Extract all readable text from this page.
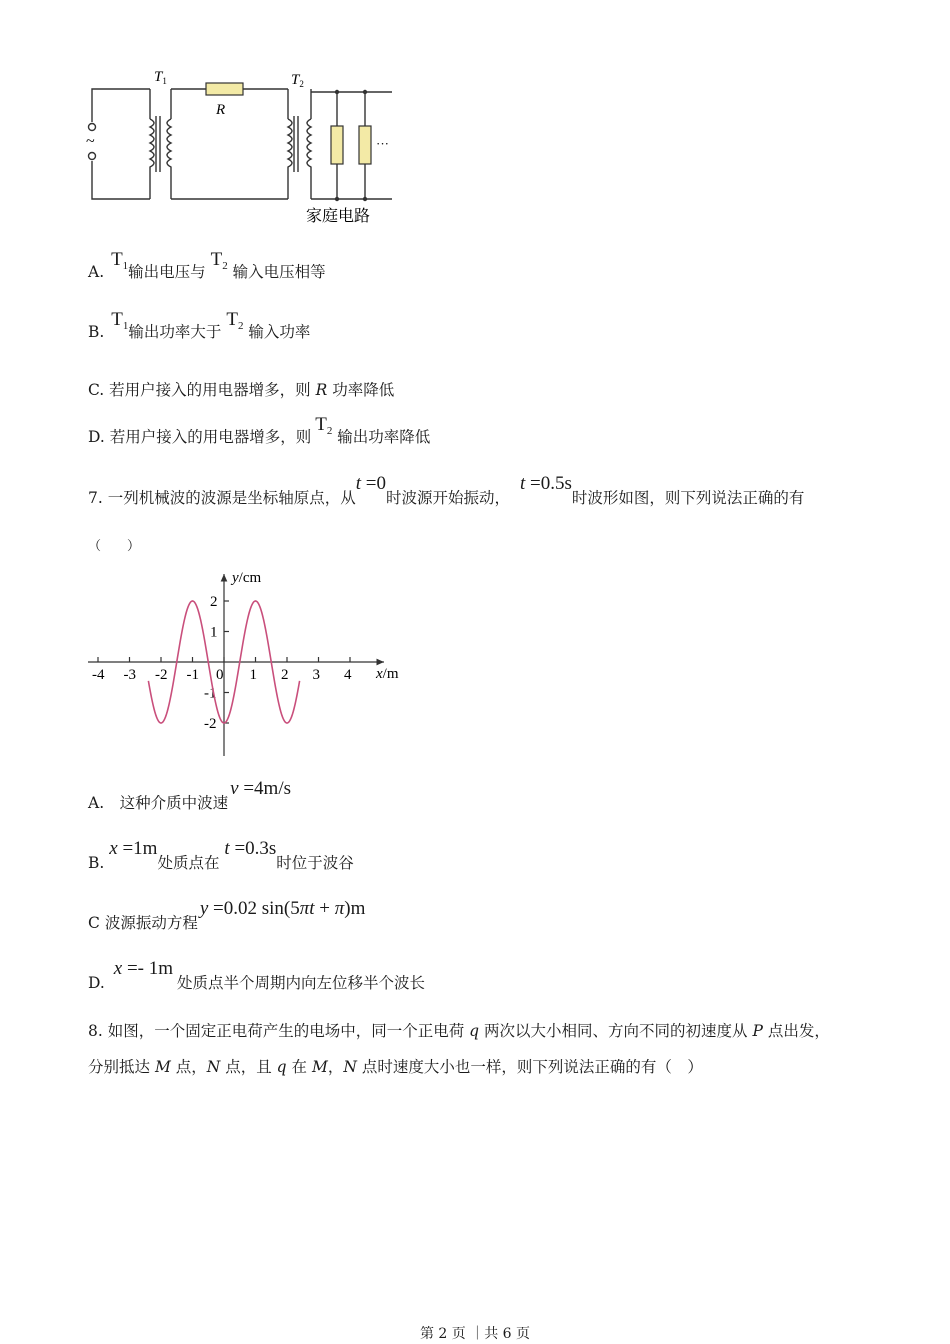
$T_1$	$T_2$
R
~	···
家庭电路
A. $T_1$输出电压与 $T_2$ 输入电压相等
B. $T_1$输出功率大于 $T_2$ 输入功率
C. 若用户接入的用电器增多，则 R 功率降低
D. 若用户接入的用电器增多，则$T_2$ 输出功率降低
7. 一列机械波的波源是坐标轴原点，从t =0时波源开始振动，t =0.5s时波形如图，则下列说法正确的有
（　　）
-4 -3 -2 -1 0 1 2 3 4
2
1
-1
-2
y/cm
x/m
A.　这种介质中波速v =4m/s
B. x =1m处质点在 t =0.3s时位于波谷
C 波源振动方程y =0.02 sin(5πt + π)m
D. x =- 1m处质点半个周期内向左位移半个波长
8. 如图，一个固定正电荷产生的电场中，同一个正电荷 q 两次以大小相同、方向不同的初速度从 P 点出发，
分别抵达 M 点，N 点，且 q 在 M，N 点时速度大小也一样，则下列说法正确的有（　）
第 2 页 ｜共 6 页
